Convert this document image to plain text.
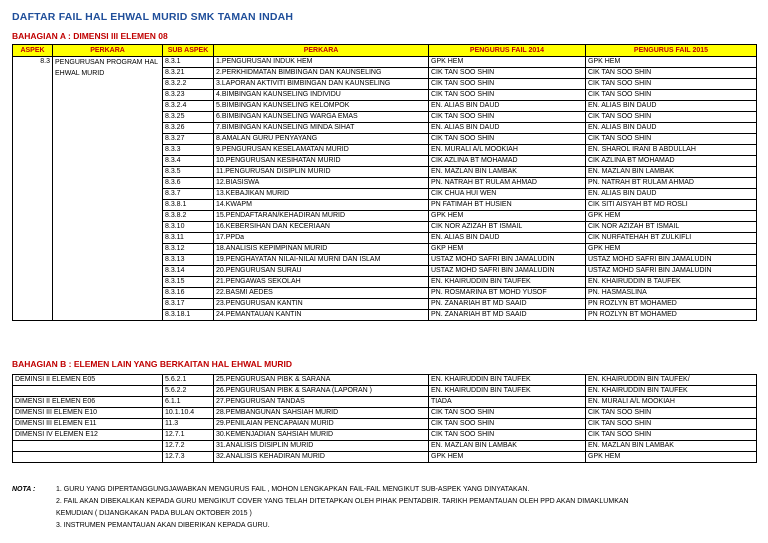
DAFTAR FAIL HAL EHWAL MURID SMK TAMAN INDAH
BAHAGIAN A : DIMENSI III ELEMEN 08
ASPEK	PERKARA	SUB ASPEK	PERKARA	PENGURUS FAIL 2014	PENGURUS FAIL 2015
8.3	PENGURUSAN PROGRAM HAL EHWAL MURID	8.3.1	1.PENGURUSAN INDUK HEM	GPK HEM	GPK HEM
		8.3.21	2.PERKHIDMATAN BIMBINGAN DAN KAUNSELING	CIK TAN SOO SHIN	CIK TAN SOO SHIN
		8.3.2.2	3.LAPORAN AKTIVITI BIMBINGAN DAN KAUNSELING	CIK TAN SOO SHIN	CIK TAN SOO SHIN
		8.3.23	4.BIMBINGAN KAUNSELING INDIVIDU	CIK TAN SOO SHIN	CIK TAN SOO SHIN
		8.3.2.4	5.BIMBINGAN KAUNSELING KELOMPOK	EN. ALIAS BIN DAUD	EN. ALIAS BIN DAUD
		8.3.25	6.BIMBINGAN KAUNSELING WARGA EMAS	CIK TAN SOO SHIN	CIK TAN SOO SHIN
		8.3.26	7.BIMBINGAN KAUNSELING MINDA SIHAT	EN. ALIAS BIN DAUD	EN. ALIAS BIN DAUD
		8.3.27	8.AMALAN GURU PENYAYANG	CIK TAN SOO SHIN	CIK TAN SOO SHIN
		8.3.3	9.PENGURUSAN KESELAMATAN MURID	EN. MURALI A/L MOOKIAH	EN. SHAROL IRANI B ABDULLAH
		8.3.4	10.PENGURUSAN KESIHATAN MURID	CIK AZLINA BT MOHAMAD	CIK AZLINA BT MOHAMAD
		8.3.5	11.PENGURUSAN DISIPLIN MURID	EN. MAZLAN BIN LAMBAK	EN. MAZLAN BIN LAMBAK
		8.3.6	12.BIASISWA	PN. NATRAH BT RULAM AHMAD	PN. NATRAH BT RULAM AHMAD
		8.3.7	13.KEBAJIKAN MURID	CIK CHUA HUI WEN	EN. ALIAS BIN DAUD
		8.3.8.1	14.KWAPM	PN FATIMAH BT HUSIEN	CIK SITI AISYAH BT MD ROSLI
		8.3.8.2	15.PENDAFTARAN/KEHADIRAN MURID	GPK HEM	GPK HEM
		8.3.10	16.KEBERSIHAN DAN KECERIAAN	CIK NOR AZIZAH BT ISMAIL	CIK NOR AZIZAH BT ISMAIL
		8.3.11	17.PPDa	EN. ALIAS BIN DAUD	CIK NURFATEHAH BT ZULKIFLI
		8.3.12	18.ANALISIS KEPIMPINAN MURID	GKP HEM	GPK HEM
		8.3.13	19.PENGHAYATAN NILAI-NILAI MURNI DAN ISLAM	USTAZ MOHD SAFRI BIN JAMALUDIN	USTAZ MOHD SAFRI BIN JAMALUDIN
		8.3.14	20.PENGURUSAN SURAU	USTAZ MOHD SAFRI BIN JAMALUDIN	USTAZ MOHD SAFRI BIN JAMALUDIN
		8.3.15	21.PENGAWAS SEKOLAH	EN. KHAIRUDDIN BIN TAUFEK	EN. KHAIRUDDIN B TAUFEK
		8.3.16	22.BASMI AEDES	PN. ROSMARINA BT MOHD YUSOF	PN. HASMASLINA
		8.3.17	23.PENGURUSAN KANTIN	PN. ZANARIAH BT MD SAAID	PN ROZLYN BT MOHAMED
		8.3.18.1	24.PEMANTAUAN KANTIN	PN. ZANARIAH BT MD SAAID	PN ROZLYN BT MOHAMED
BAHAGIAN B : ELEMEN LAIN YANG BERKAITAN HAL EHWAL MURID
DEMINSI II ELEMEN E05	5.6.2.1	25.PENGURUSAN PIBK & SARANA	EN. KHAIRUDDIN BIN TAUFEK	EN. KHAIRUDDIN BIN TAUFEK/
	5.6.2.2	26.PENGURUSAN PIBK & SARANA (LAPORAN )	EN. KHAIRUDDIN BIN TAUFEK	EN. KHAIRUDDIN BIN TAUFEK
DIMENSI II ELEMEN E06	6.1.1	27.PENGURUSAN TANDAS	TIADA	EN. MURALI A/L MOOKIAH
DIMENSI III ELEMEN E10	10.1.10.4	28.PEMBANGUNAN SAHSIAH MURID	CIK TAN SOO SHIN	CIK TAN SOO SHIN
DIMENSI III ELEMEN E11	11.3	29.PENILAIAN PENCAPAIAN MURID	CIK TAN SOO SHIN	CIK TAN SOO SHIN
DIMENSI IV ELEMEN E12	12.7.1	30.KEMENJADIAN SAHSIAH MURID	CIK TAN SOO SHIN	CIK TAN SOO SHIN
	12.7.2	31.ANALISIS DISIPLIN MURID	EN. MAZLAN BIN LAMBAK	EN. MAZLAN BIN LAMBAK
	12.7.3	32.ANALISIS KEHADIRAN MURID	GPK HEM	GPK HEM
NOTA :	1. GURU YANG DIPERTANGGUNGJAWABKAN MENGURUS FAIL , MOHON LENGKAPKAN FAIL-FAIL MENGIKUT SUB-ASPEK YANG DINYATAKAN.
2. FAIL AKAN DIBEKALKAN KEPADA GURU MENGIKUT COVER YANG TELAH DITETAPKAN OLEH PIHAK PENTADBIR. TARIKH PEMANTAUAN OLEH PPD AKAN DIMAKLUMKAN
KEMUDIAN ( DIJANGKAKAN PADA BULAN OKTOBER 2015 )
3. INSTRUMEN PEMANTAUAN AKAN DIBERIKAN KEPADA GURU.
